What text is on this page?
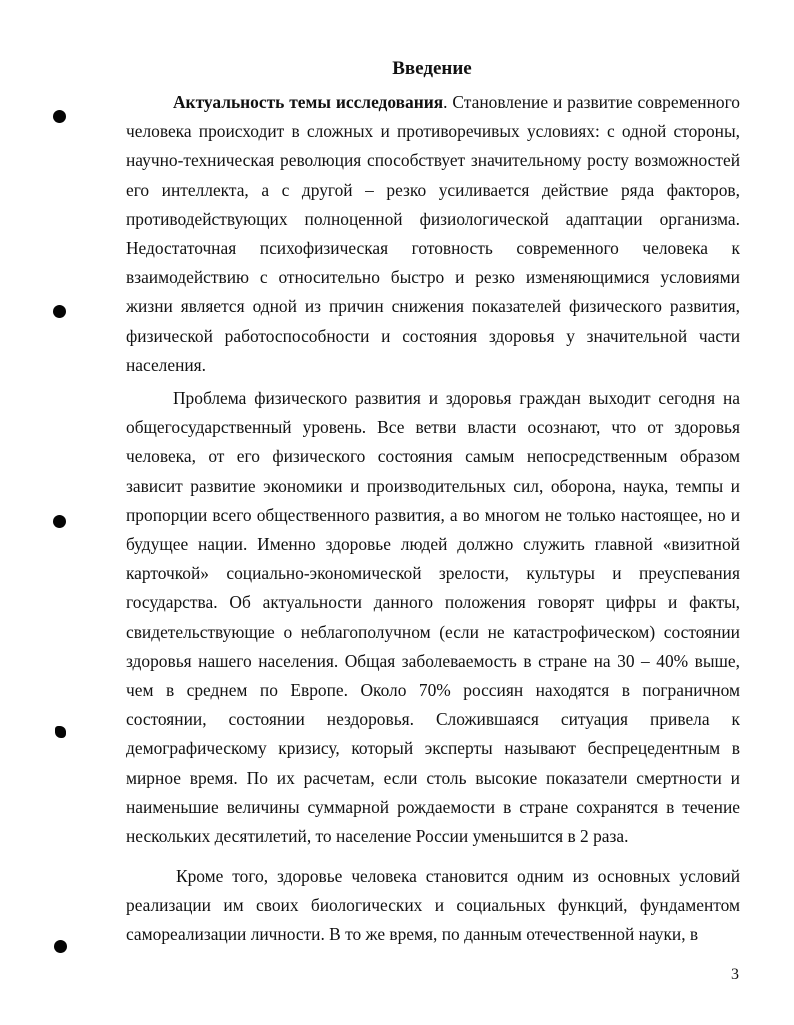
Введение

Актуальность темы исследования. Становление и развитие современного человека происходит в сложных и противоречивых условиях: с одной стороны, научно-техническая революция способствует значительному росту возможностей его интеллекта, а с другой – резко усиливается действие ряда факторов, противодействующих полноценной физиологической адаптации организма. Недостаточная психофизическая готовность современного человека к взаимодействию с относительно быстро и резко изменяющимися условиями жизни является одной из причин снижения показателей физического развития, физической работоспособности и состояния здоровья у значительной части населения.

Проблема физического развития и здоровья граждан выходит сегодня на общегосударственный уровень. Все ветви власти осознают, что от здоровья человека, от его физического состояния самым непосредственным образом зависит развитие экономики и производительных сил, оборона, наука, темпы и пропорции всего общественного развития, а во многом не только настоящее, но и будущее нации. Именно здоровье людей должно служить главной «визитной карточкой» социально-экономической зрелости, культуры и преуспевания государства. Об актуальности данного положения говорят цифры и факты, свидетельствующие о неблагополучном (если не катастрофическом) состоянии здоровья нашего населения. Общая заболеваемость в стране на 30 – 40% выше, чем в среднем по Европе. Около 70% россиян находятся в пограничном состоянии, состоянии нездоровья. Сложившаяся ситуация привела к демографическому кризису, который эксперты называют беспрецедентным в мирное время. По их расчетам, если столь высокие показатели смертности и наименьшие величины суммарной рождаемости в стране сохранятся в течение нескольких десятилетий, то население России уменьшится в 2 раза.

Кроме того, здоровье человека становится одним из основных условий реализации им своих биологических и социальных функций, фундаментом самореализации личности. В то же время, по данным отечественной науки, в

3
